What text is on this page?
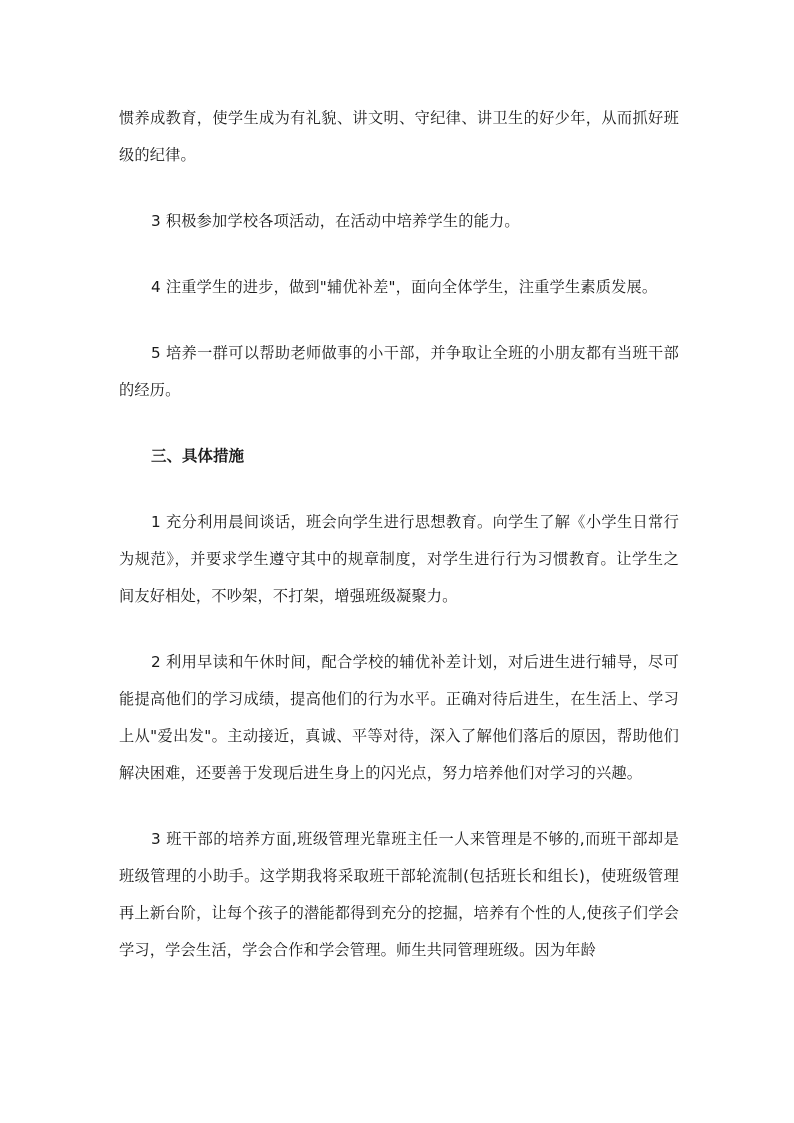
惯养成教育，使学生成为有礼貌、讲文明、守纪律、讲卫生的好少年，从而抓好班级的纪律。

3 积极参加学校各项活动，在活动中培养学生的能力。

4 注重学生的进步，做到"辅优补差"，面向全体学生，注重学生素质发展。

5 培养一群可以帮助老师做事的小干部，并争取让全班的小朋友都有当班干部的经历。

三、具体措施

1 充分利用晨间谈话，班会向学生进行思想教育。向学生了解《小学生日常行为规范》，并要求学生遵守其中的规章制度，对学生进行行为习惯教育。让学生之间友好相处，不吵架，不打架，增强班级凝聚力。

2 利用早读和午休时间，配合学校的辅优补差计划，对后进生进行辅导，尽可能提高他们的学习成绩，提高他们的行为水平。正确对待后进生，在生活上、学习上从"爱出发"。主动接近，真诚、平等对待，深入了解他们落后的原因，帮助他们解决困难，还要善于发现后进生身上的闪光点，努力培养他们对学习的兴趣。

3 班干部的培养方面,班级管理光靠班主任一人来管理是不够的,而班干部却是班级管理的小助手。这学期我将采取班干部轮流制(包括班长和组长)，使班级管理再上新台阶，让每个孩子的潜能都得到充分的挖掘，培养有个性的人,使孩子们学会学习，学会生活，学会合作和学会管理。师生共同管理班级。因为年龄
